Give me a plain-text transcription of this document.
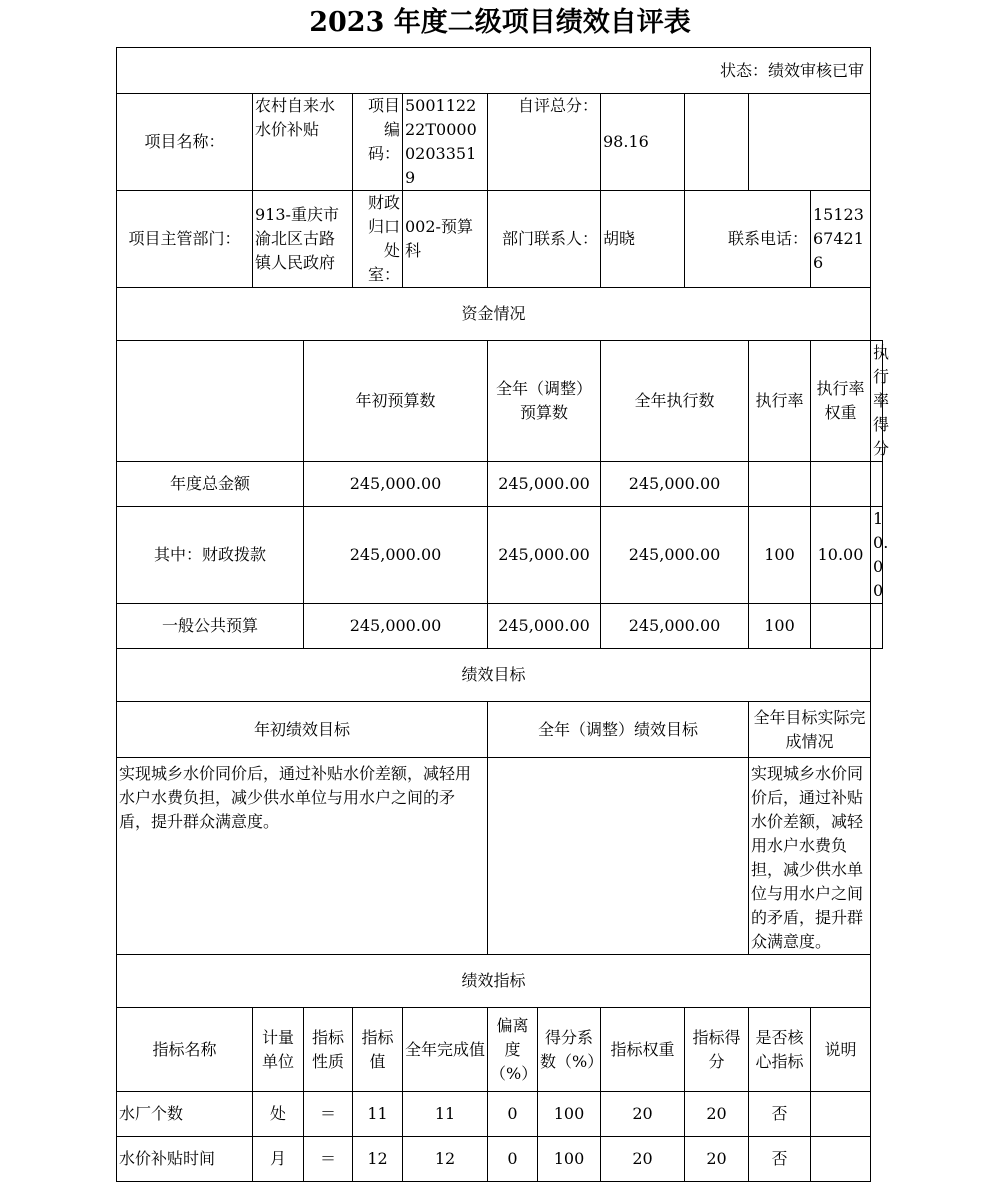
2023 年度二级项目绩效自评表
状态：绩效审核已审											
项目名称：	农村自来水水价补贴		项目编码：	500112222T000002033519	自评总分：		98.16				
项目主管部门：	913-重庆市渝北区古路镇人民政府		财政归口处室：	002-预算科	部门联系人：		胡晓	联系电话：		15123674216	
资金情况											
		年初预算数			全年（调整）预算数		全年执行数		执行率	执行率权重	执行率得分
年度总金额		245,000.00			245,000.00		245,000.00				
其中：财政拨款		245,000.00			245,000.00		245,000.00		100	10.00	10.00
一般公共预算		245,000.00			245,000.00		245,000.00		100		
绩效目标											
年初绩效目标					全年（调整）绩效目标				全年目标实际完成情况		
实现城乡水价同价后，通过补贴水价差额，减轻用水户水费负担，减少供水单位与用水户之间的矛盾，提升群众满意度。									实现城乡水价同价后，通过补贴水价差额，减轻用水户水费负担，减少供水单位与用水户之间的矛盾，提升群众满意度。		
绩效指标											
指标名称	计量单位	指标性质	指标值	全年完成值	偏离度（%）	得分系数（%）	指标权重	指标得分	是否核心指标	说明	
水厂个数	处	＝	11	11	0	100	20	20	否		
水价补贴时间	月	＝	12	12	0	100	20	20	否		
